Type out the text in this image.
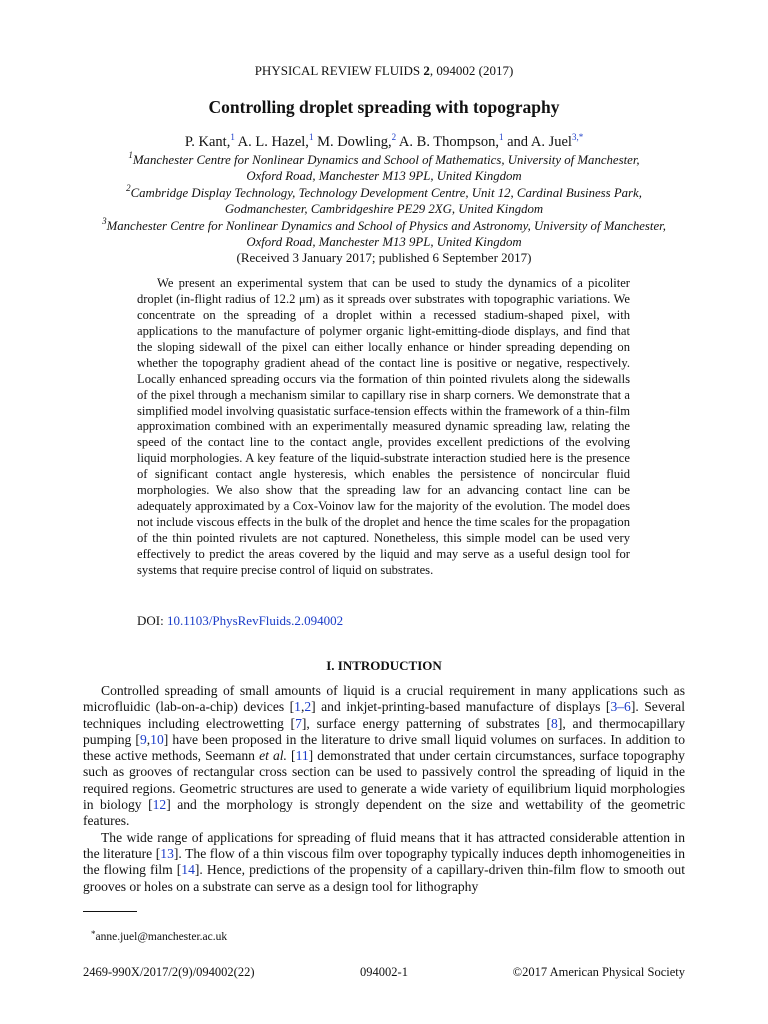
PHYSICAL REVIEW FLUIDS 2, 094002 (2017)
Controlling droplet spreading with topography
P. Kant,$^1$ A. L. Hazel,$^1$ M. Dowling,$^2$ A. B. Thompson,$^1$ and A. Juel$^{3,*}$
$^1$Manchester Centre for Nonlinear Dynamics and School of Mathematics, University of Manchester,
Oxford Road, Manchester M13 9PL, United Kingdom
$^2$Cambridge Display Technology, Technology Development Centre, Unit 12, Cardinal Business Park,
Godmanchester, Cambridgeshire PE29 2XG, United Kingdom
$^3$Manchester Centre for Nonlinear Dynamics and School of Physics and Astronomy, University of Manchester,
Oxford Road, Manchester M13 9PL, United Kingdom
(Received 3 January 2017; published 6 September 2017)

We present an experimental system that can be used to study the dynamics of a picoliter droplet (in-flight radius of 12.2 μm) as it spreads over substrates with topographic variations. We concentrate on the spreading of a droplet within a recessed stadium-shaped pixel, with applications to the manufacture of polymer organic light-emitting-diode displays, and find that the sloping sidewall of the pixel can either locally enhance or hinder spreading depending on whether the topography gradient ahead of the contact line is positive or negative, respectively. Locally enhanced spreading occurs via the formation of thin pointed rivulets along the sidewalls of the pixel through a mechanism similar to capillary rise in sharp corners. We demonstrate that a simplified model involving quasistatic surface-tension effects within the framework of a thin-film approximation combined with an experimentally measured dynamic spreading law, relating the speed of the contact line to the contact angle, provides excellent predictions of the evolving liquid morphologies. A key feature of the liquid-substrate interaction studied here is the presence of significant contact angle hysteresis, which enables the persistence of noncircular fluid morphologies. We also show that the spreading law for an advancing contact line can be adequately approximated by a Cox-Voinov law for the majority of the evolution. The model does not include viscous effects in the bulk of the droplet and hence the time scales for the propagation of the thin pointed rivulets are not captured. Nonetheless, this simple model can be used very effectively to predict the areas covered by the liquid and may serve as a useful design tool for systems that require precise control of liquid on substrates.

DOI: 10.1103/PhysRevFluids.2.094002
I. INTRODUCTION

Controlled spreading of small amounts of liquid is a crucial requirement in many applications such as microfluidic (lab-on-a-chip) devices [1,2] and inkjet-printing-based manufacture of displays [3–6]. Several techniques including electrowetting [7], surface energy patterning of substrates [8], and thermocapillary pumping [9,10] have been proposed in the literature to drive small liquid volumes on surfaces. In addition to these active methods, Seemann et al. [11] demonstrated that under certain circumstances, surface topography such as grooves of rectangular cross section can be used to passively control the spreading of liquid in the required regions. Geometric structures are used to generate a wide variety of equilibrium liquid morphologies in biology [12] and the morphology is strongly dependent on the size and wettability of the geometric features.

The wide range of applications for spreading of fluid means that it has attracted considerable attention in the literature [13]. The flow of a thin viscous film over topography typically induces depth inhomogeneities in the flowing film [14]. Hence, predictions of the propensity of a capillary-driven thin-film flow to smooth out grooves or holes on a substrate can serve as a design tool for lithography

*anne.juel@manchester.ac.uk
2469-990X/2017/2(9)/094002(22)	094002-1	©2017 American Physical Society
